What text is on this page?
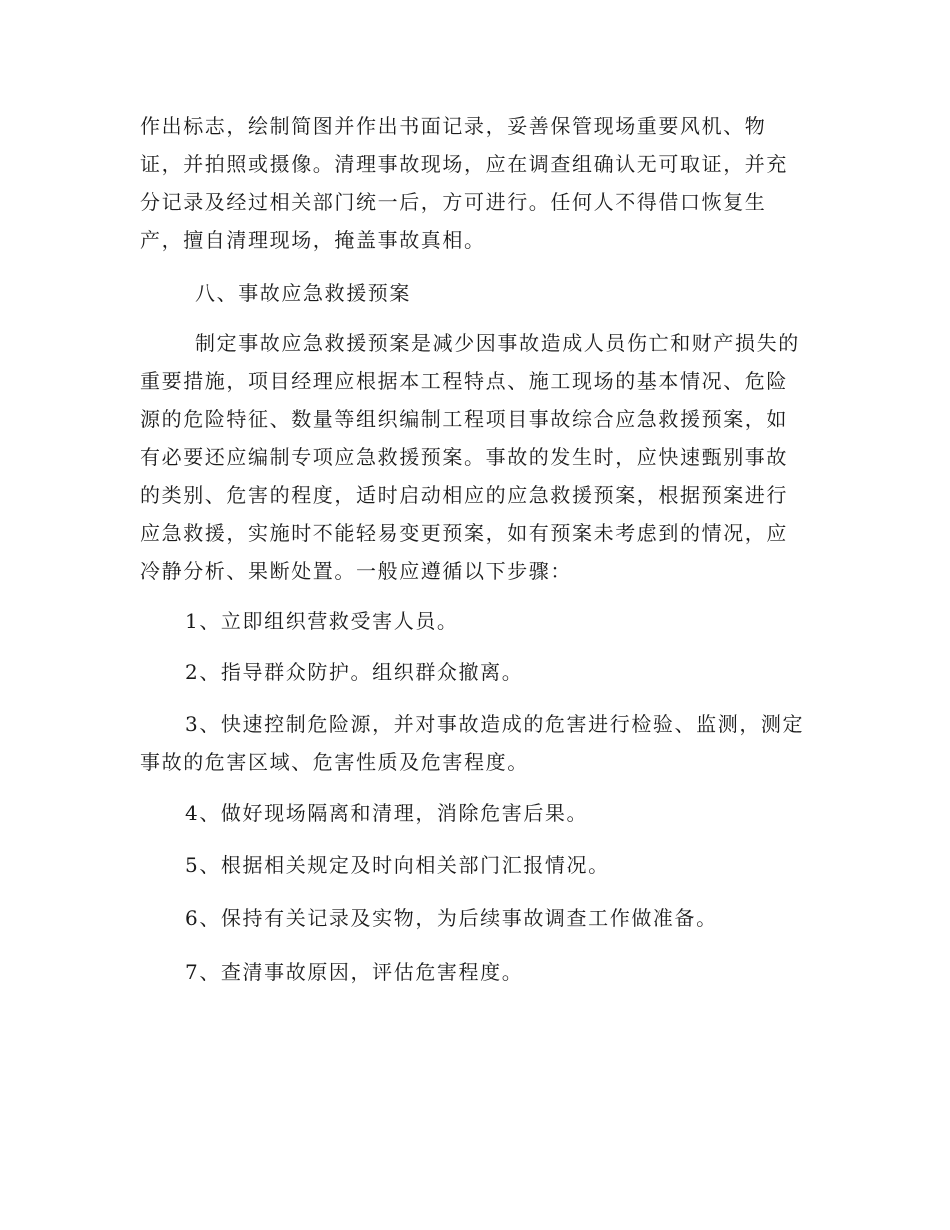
作出标志，绘制简图并作出书面记录，妥善保管现场重要风机、物
证，并拍照或摄像。清理事故现场，应在调查组确认无可取证，并充
分记录及经过相关部门统一后，方可进行。任何人不得借口恢复生
产，擅自清理现场，掩盖事故真相。
八、事故应急救援预案
制定事故应急救援预案是减少因事故造成人员伤亡和财产损失的
重要措施，项目经理应根据本工程特点、施工现场的基本情况、危险
源的危险特征、数量等组织编制工程项目事故综合应急救援预案，如
有必要还应编制专项应急救援预案。事故的发生时，应快速甄别事故
的类别、危害的程度，适时启动相应的应急救援预案，根据预案进行
应急救援，实施时不能轻易变更预案，如有预案未考虑到的情况，应
冷静分析、果断处置。一般应遵循以下步骤：
1、立即组织营救受害人员。
2、指导群众防护。组织群众撤离。
3、快速控制危险源，并对事故造成的危害进行检验、监测，测定
事故的危害区域、危害性质及危害程度。
4、做好现场隔离和清理，消除危害后果。
5、根据相关规定及时向相关部门汇报情况。
6、保持有关记录及实物，为后续事故调查工作做准备。
7、查清事故原因，评估危害程度。
